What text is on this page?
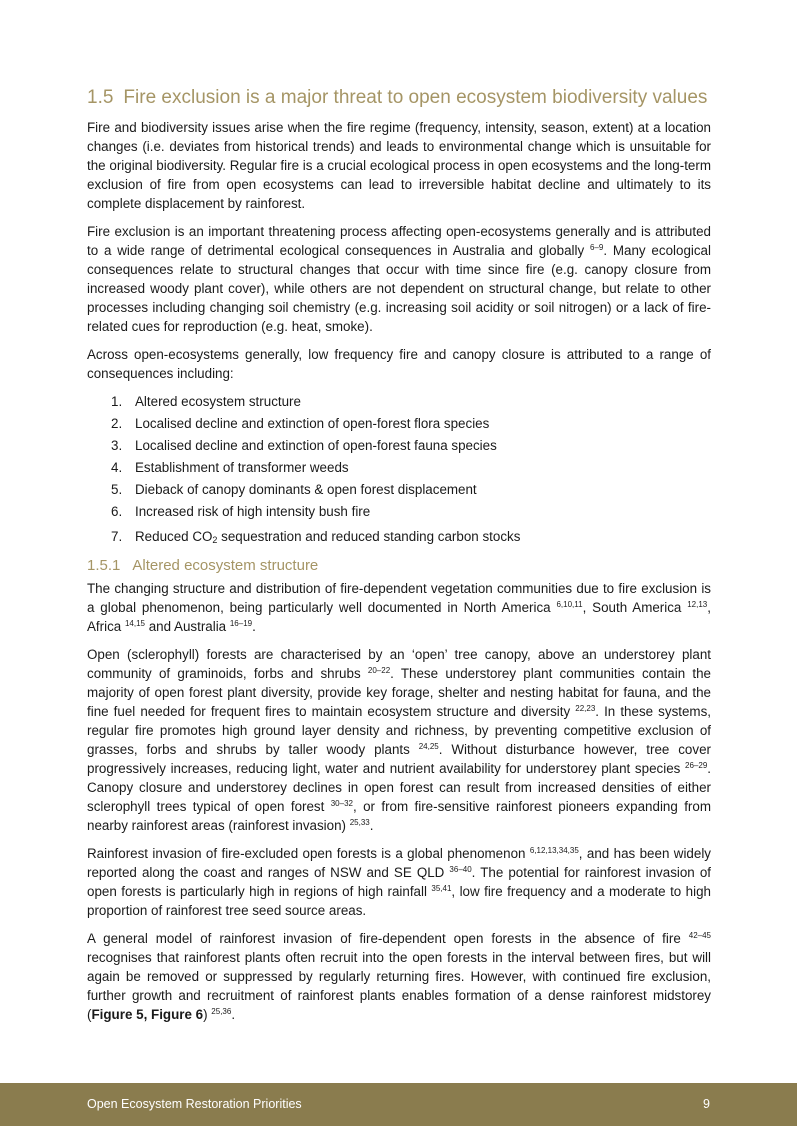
1.5 Fire exclusion is a major threat to open ecosystem biodiversity values

Fire and biodiversity issues arise when the fire regime (frequency, intensity, season, extent) at a location changes (i.e. deviates from historical trends) and leads to environmental change which is unsuitable for the original biodiversity. Regular fire is a crucial ecological process in open ecosystems and the long-term exclusion of fire from open ecosystems can lead to irreversible habitat decline and ultimately to its complete displacement by rainforest.

Fire exclusion is an important threatening process affecting open-ecosystems generally and is attributed to a wide range of detrimental ecological consequences in Australia and globally $^{6-9}$. Many ecological consequences relate to structural changes that occur with time since fire (e.g. canopy closure from increased woody plant cover), while others are not dependent on structural change, but relate to other processes including changing soil chemistry (e.g. increasing soil acidity or soil nitrogen) or a lack of fire-related cues for reproduction (e.g. heat, smoke).

Across open-ecosystems generally, low frequency fire and canopy closure is attributed to a range of consequences including:

1. Altered ecosystem structure
2. Localised decline and extinction of open-forest flora species
3. Localised decline and extinction of open-forest fauna species
4. Establishment of transformer weeds
5. Dieback of canopy dominants & open forest displacement
6. Increased risk of high intensity bush fire
7. Reduced $CO_2$ sequestration and reduced standing carbon stocks
1.5.1 Altered ecosystem structure

The changing structure and distribution of fire-dependent vegetation communities due to fire exclusion is a global phenomenon, being particularly well documented in North America $^{6,10,11}$, South America $^{12,13}$, Africa $^{14,15}$ and Australia $^{16-19}$.

Open (sclerophyll) forests are characterised by an ‘open’ tree canopy, above an understorey plant community of graminoids, forbs and shrubs $^{20-22}$. These understorey plant communities contain the majority of open forest plant diversity, provide key forage, shelter and nesting habitat for fauna, and the fine fuel needed for frequent fires to maintain ecosystem structure and diversity $^{22,23}$. In these systems, regular fire promotes high ground layer density and richness, by preventing competitive exclusion of grasses, forbs and shrubs by taller woody plants $^{24,25}$. Without disturbance however, tree cover progressively increases, reducing light, water and nutrient availability for understorey plant species $^{26-29}$. Canopy closure and understorey declines in open forest can result from increased densities of either sclerophyll trees typical of open forest $^{30-32}$, or from fire-sensitive rainforest pioneers expanding from nearby rainforest areas (rainforest invasion) $^{25,33}$.

Rainforest invasion of fire-excluded open forests is a global phenomenon $^{6,12,13,34,35}$, and has been widely reported along the coast and ranges of NSW and SE QLD $^{36-40}$. The potential for rainforest invasion of open forests is particularly high in regions of high rainfall $^{35,41}$, low fire frequency and a moderate to high proportion of rainforest tree seed source areas.

A general model of rainforest invasion of fire-dependent open forests in the absence of fire $^{42-45}$ recognises that rainforest plants often recruit into the open forests in the interval between fires, but will again be removed or suppressed by regularly returning fires. However, with continued fire exclusion, further growth and recruitment of rainforest plants enables formation of a dense rainforest midstorey (Figure 5, Figure 6) $^{25,36}$.

Open Ecosystem Restoration Priorities	9
